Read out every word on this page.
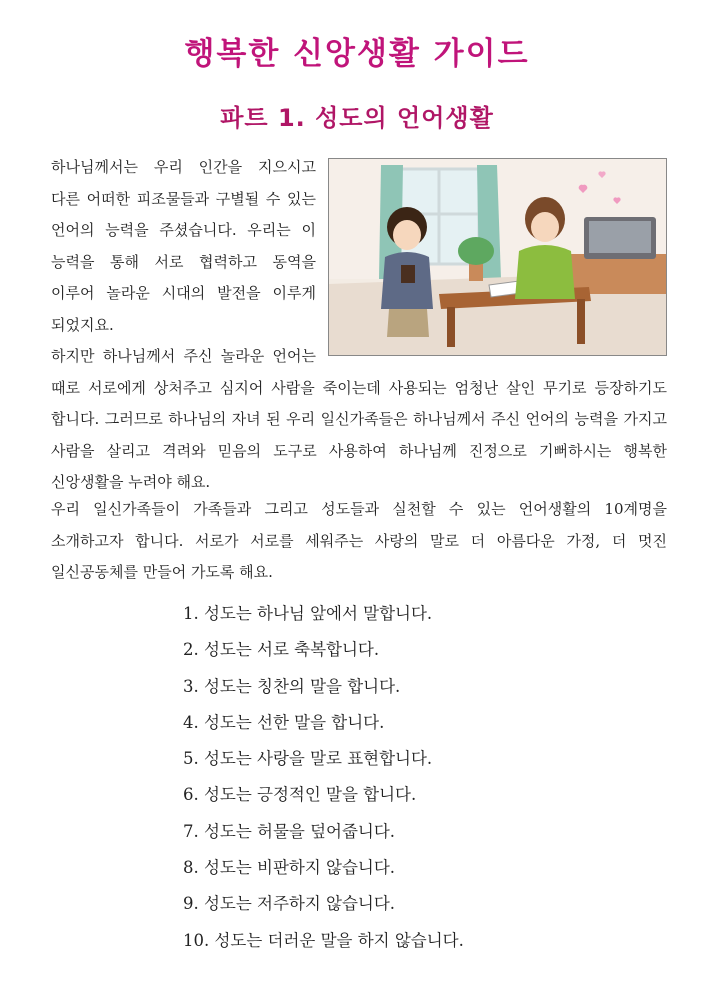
행복한 신앙생활 가이드
파트 1. 성도의 언어생활
하나님께서는 우리 인간을 지으시고 다른 어떠한 피조물들과 구별될 수 있는 언어의 능력을 주셨습니다. 우리는 이 능력을 통해 서로 협력하고 동역을 이루어 놀라운 시대의 발전을 이루게 되었지요.
하지만 하나님께서 주신 놀라운 언어는 때로 서로에게 상처주고 심지어 사람을 죽이는데 사용되는 엄청난 살인 무기로 등장하기도 합니다. 그러므로 하나님의 자녀 된 우리 일신가족들은 하나님께서 주신 언어의 능력을 가지고 사람을 살리고 격려와 믿음의 도구로 사용하여 하나님께 진정으로 기뻐하시는 행복한 신앙생활을 누려야 해요.

우리 일신가족들이 가족들과 그리고 성도들과 실천할 수 있는 언어생활의 10계명을 소개하고자 합니다. 서로가 서로를 세워주는 사랑의 말로 더 아름다운 가정, 더 멋진 일신공동체를 만들어 가도록 해요.

1. 성도는 하나님 앞에서 말합니다.
2. 성도는 서로 축복합니다.
3. 성도는 칭찬의 말을 합니다.
4. 성도는 선한 말을 합니다.
5. 성도는 사랑을 말로 표현합니다.
6. 성도는 긍정적인 말을 합니다.
7. 성도는 허물을 덮어줍니다.
8. 성도는 비판하지 않습니다.
9. 성도는 저주하지 않습니다.
10. 성도는 더러운 말을 하지 않습니다.
